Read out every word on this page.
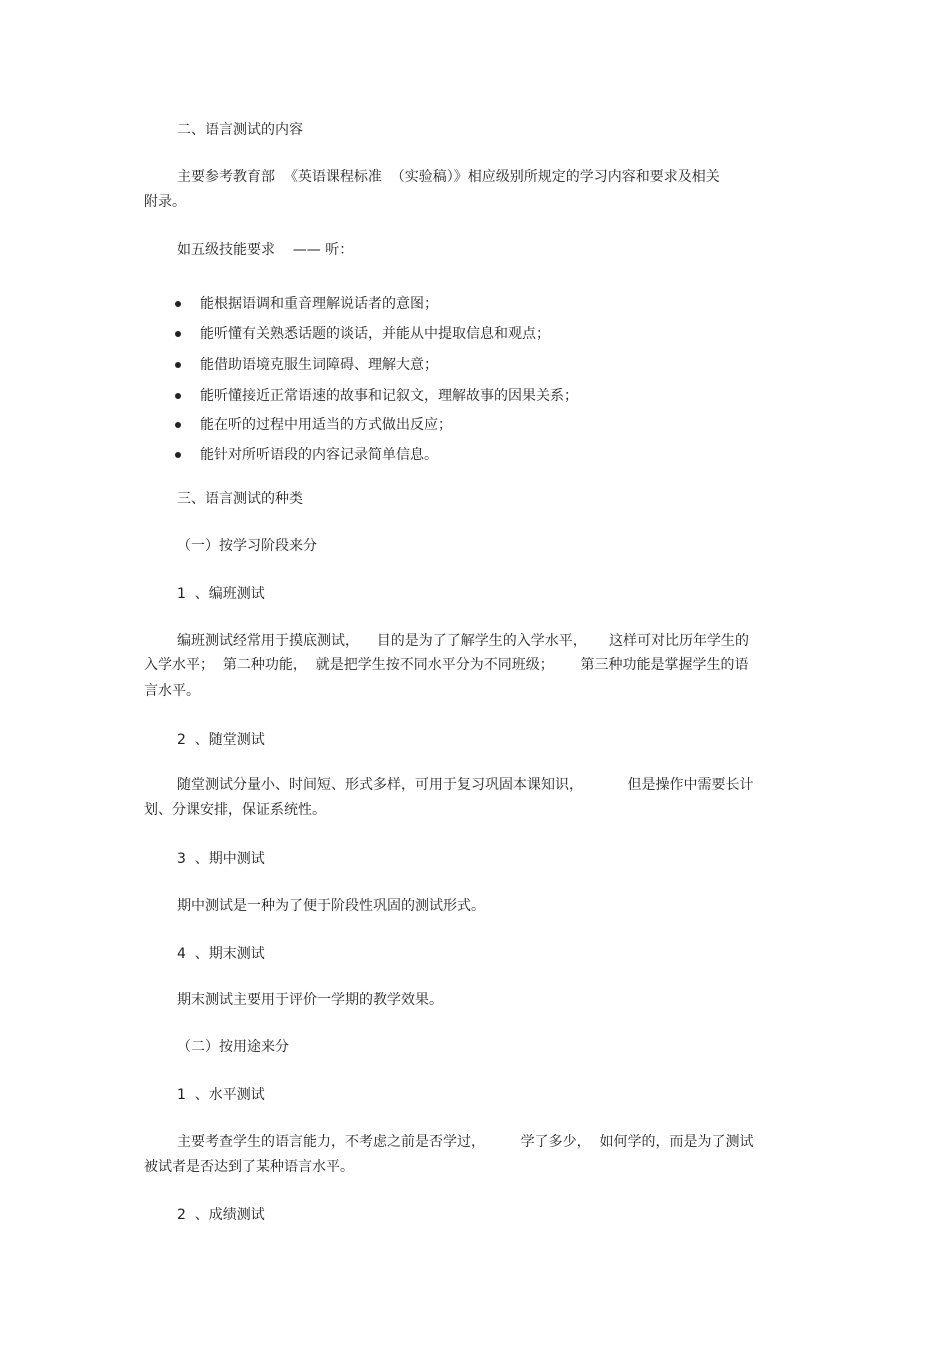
二、语言测试的内容
主要参考教育部  《英语课程标准  （实验稿）》相应级别所规定的学习内容和要求及相关
附录。
如五级技能要求    —— 听：
能根据语调和重音理解说话者的意图；
能听懂有关熟悉话题的谈话，并能从中提取信息和观点；
能借助语境克服生词障碍、理解大意；
能听懂接近正常语速的故事和记叙文，理解故事的因果关系；
能在听的过程中用适当的方式做出反应；
能针对所听语段的内容记录简单信息。
三、语言测试的种类
（一）按学习阶段来分
1  、编班测试
编班测试经常用于摸底测试，    目的是为了了解学生的入学水平，     这样可对比历年学生的
入学水平；  第二种功能，  就是把学生按不同水平分为不同班级；      第三种功能是掌握学生的语
言水平。
2  、随堂测试
随堂测试分量小、时间短、形式多样，可用于复习巩固本课知识，          但是操作中需要长计
划、分课安排，保证系统性。
3  、期中测试
期中测试是一种为了便于阶段性巩固的测试形式。
4  、期末测试
期末测试主要用于评价一学期的教学效果。
（二）按用途来分
1  、水平测试
主要考查学生的语言能力，不考虑之前是否学过，        学了多少，  如何学的，而是为了测试
被试者是否达到了某种语言水平。
2  、成绩测试
